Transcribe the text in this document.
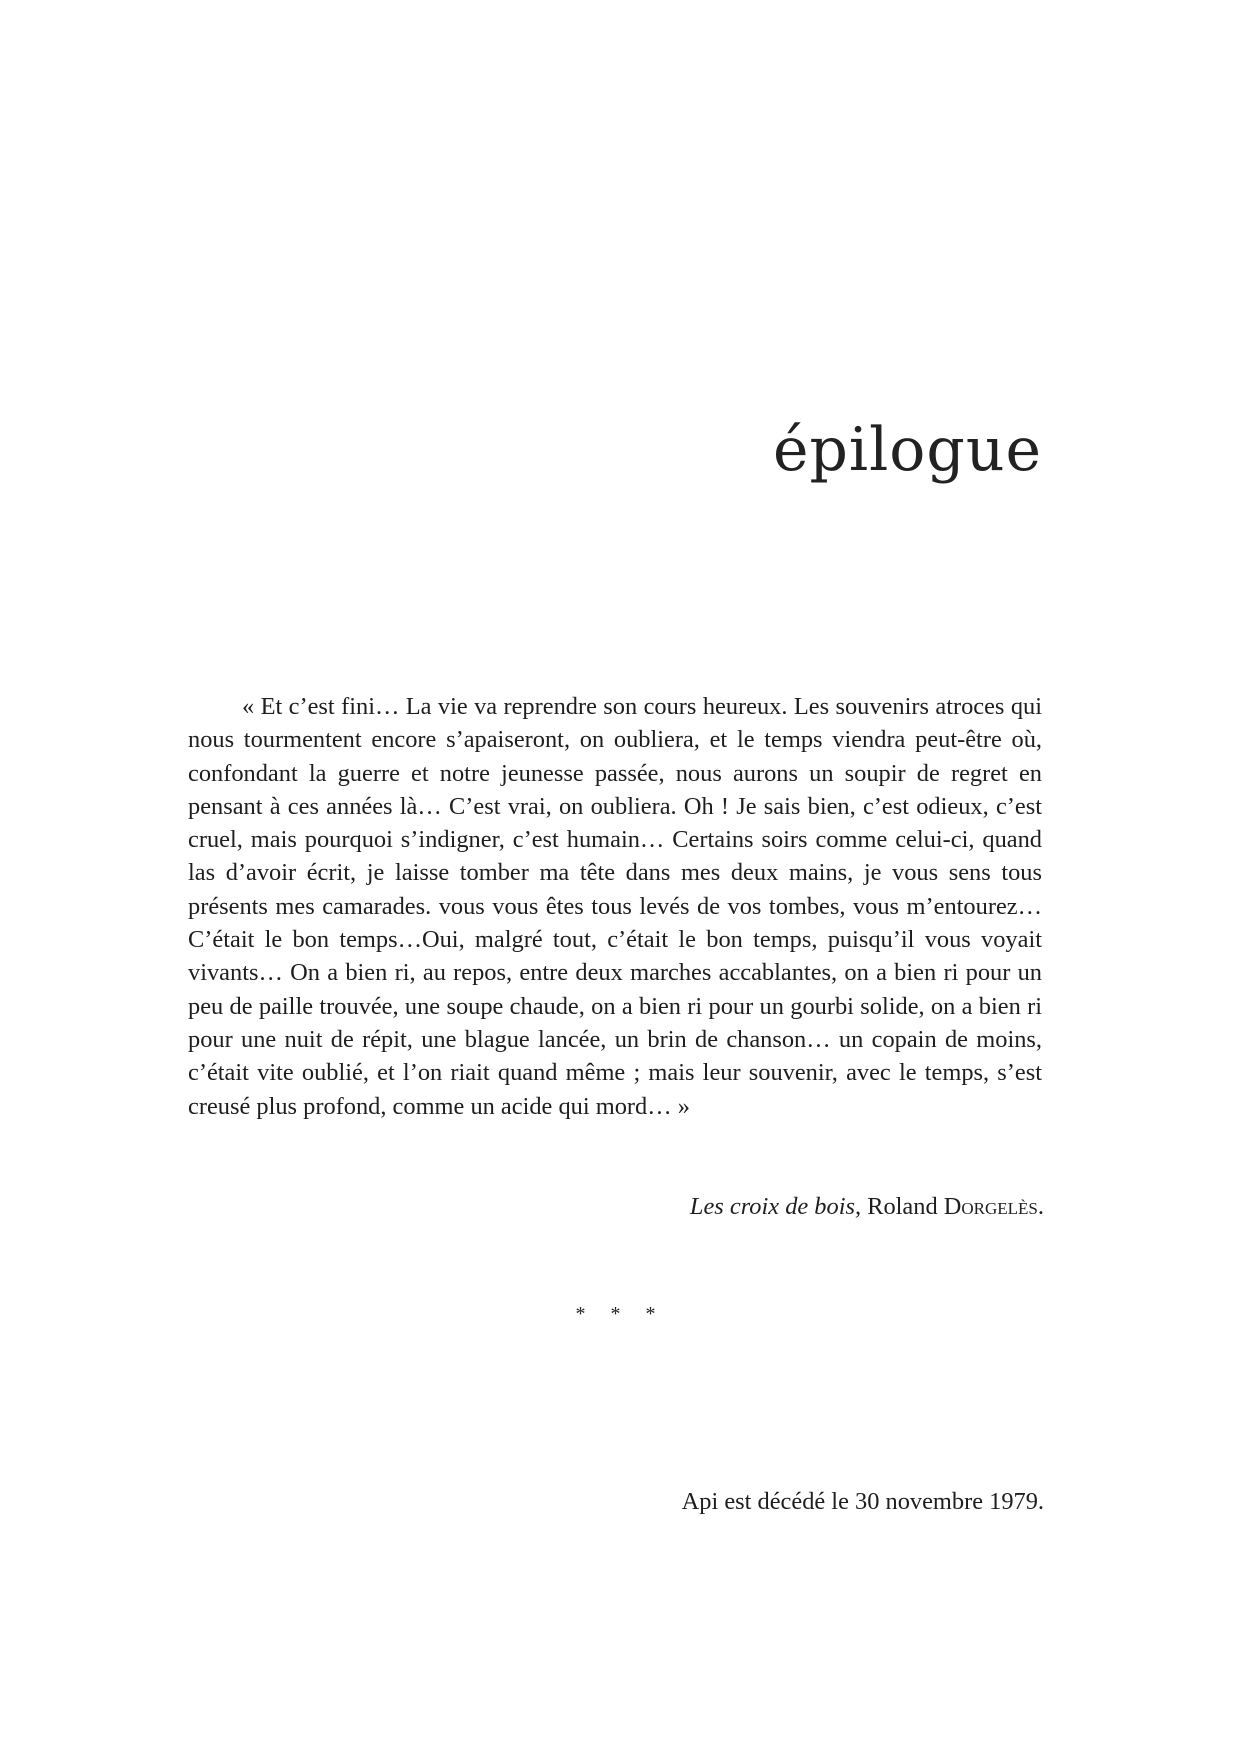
épilogue

« Et c’est fini… La vie va reprendre son cours heureux. Les souvenirs atroces qui nous tourmentent encore s’apaiseront, on oubliera, et le temps viendra peut-être où, confondant la guerre et notre jeunesse passée, nous aurons un soupir de regret en pensant à ces années là… C’est vrai, on oubliera. Oh ! Je sais bien, c’est odieux, c’est cruel, mais pourquoi s’indigner, c’est humain… Certains soirs comme celui-ci, quand las d’avoir écrit, je laisse tomber ma tête dans mes deux mains, je vous sens tous présents mes camarades. vous vous êtes tous levés de vos tombes, vous m’entourez… C’était le bon temps…Oui, malgré tout, c’était le bon temps, puisqu’il vous voyait vivants… On a bien ri, au repos, entre deux marches accablantes, on a bien ri pour un peu de paille trouvée, une soupe chaude, on a bien ri pour un gourbi solide, on a bien ri pour une nuit de répit, une blague lancée, un brin de chanson… un copain de moins, c’était vite oublié, et l’on riait quand même ; mais leur souvenir, avec le temps, s’est creusé plus profond, comme un acide qui mord… »

Les croix de bois, Roland Dorgelès.

* * *

Api est décédé le 30 novembre 1979.
